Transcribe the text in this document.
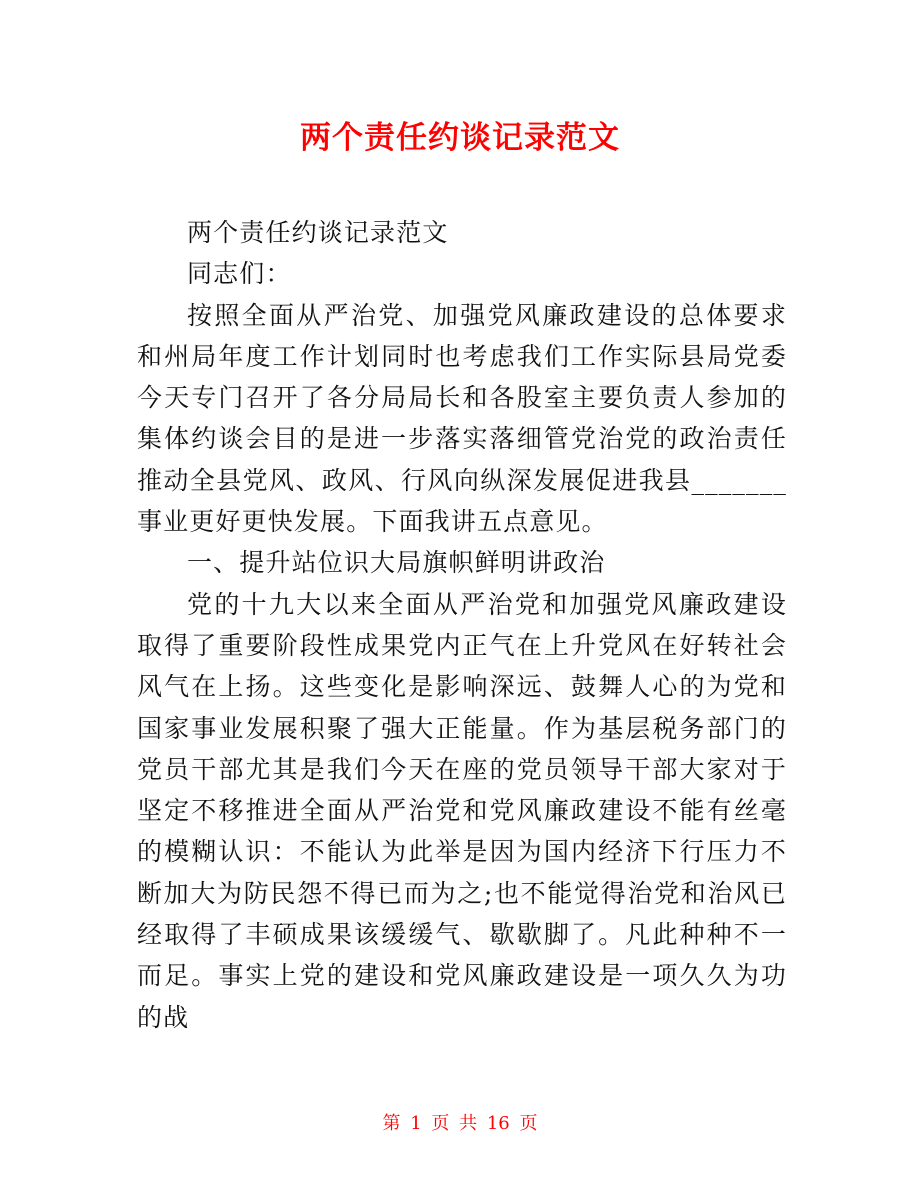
两个责任约谈记录范文

两个责任约谈记录范文

同志们：

按照全面从严治党、加强党风廉政建设的总体要求和州局年度工作计划同时也考虑我们工作实际县局党委今天专门召开了各分局局长和各股室主要负责人参加的集体约谈会目的是进一步落实落细管党治党的政治责任推动全县党风、政风、行风向纵深发展促进我县_______事业更好更快发展。下面我讲五点意见。

一、提升站位识大局旗帜鲜明讲政治

党的十九大以来全面从严治党和加强党风廉政建设取得了重要阶段性成果党内正气在上升党风在好转社会风气在上扬。这些变化是影响深远、鼓舞人心的为党和国家事业发展积聚了强大正能量。作为基层税务部门的党员干部尤其是我们今天在座的党员领导干部大家对于坚定不移推进全面从严治党和党风廉政建设不能有丝毫的模糊认识：不能认为此举是因为国内经济下行压力不断加大为防民怨不得已而为之;也不能觉得治党和治风已经取得了丰硕成果该缓缓气、歇歇脚了。凡此种种不一而足。事实上党的建设和党风廉政建设是一项久久为功的战

第 1 页 共 16 页
